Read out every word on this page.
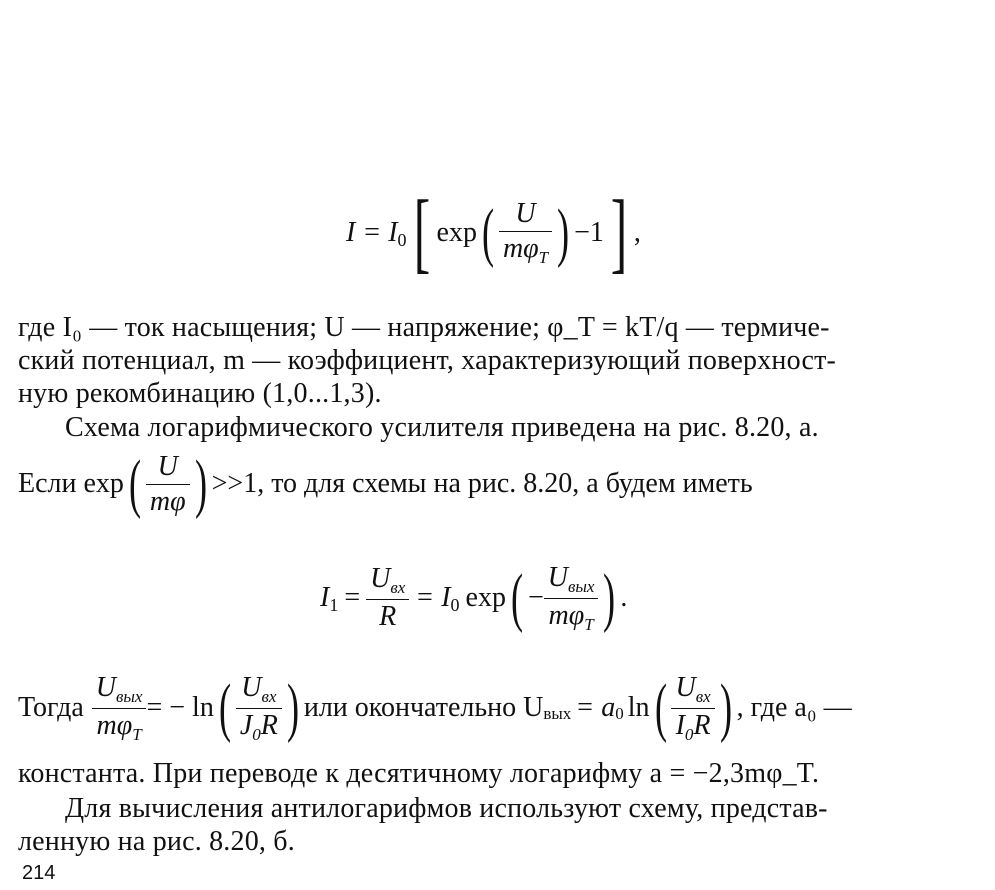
I = I 0 [ exp ( $\frac{U}{m\varphi_T}$ ) −1 ] ,
где I₀ — ток насыщения; U — напряжение; φ_T = kT/q — термиче-
ский потенциал, m — коэффициент, характеризующий поверхност-
ную рекомбинацию (1,0...1,3).
Схема логарифмического усилителя приведена на рис. 8.20, а.
Если exp ( $\frac{U}{m\varphi}$ ) >>1, то для схемы на рис. 8.20, а будем иметь
I $1 = \frac{U_{вх}}{R} = I$ 0 exp ( − $\frac{U_{вых}}{m\varphi_T}$ ) .
Тогда $\frac{U_{вых}}{m\varphi_T}$ = − ln ( $\frac{U_{вх}}{J_0R}$ ) или окончательно U вых = a 0 ln ( $\frac{U_{вх}}{I_0R}$ ) , где a₀ —
константа. При переводе к десятичному логарифму a = −2,3mφ_T.
Для вычисления антилогарифмов используют схему, представ-
ленную на рис. 8.20, б.
214
